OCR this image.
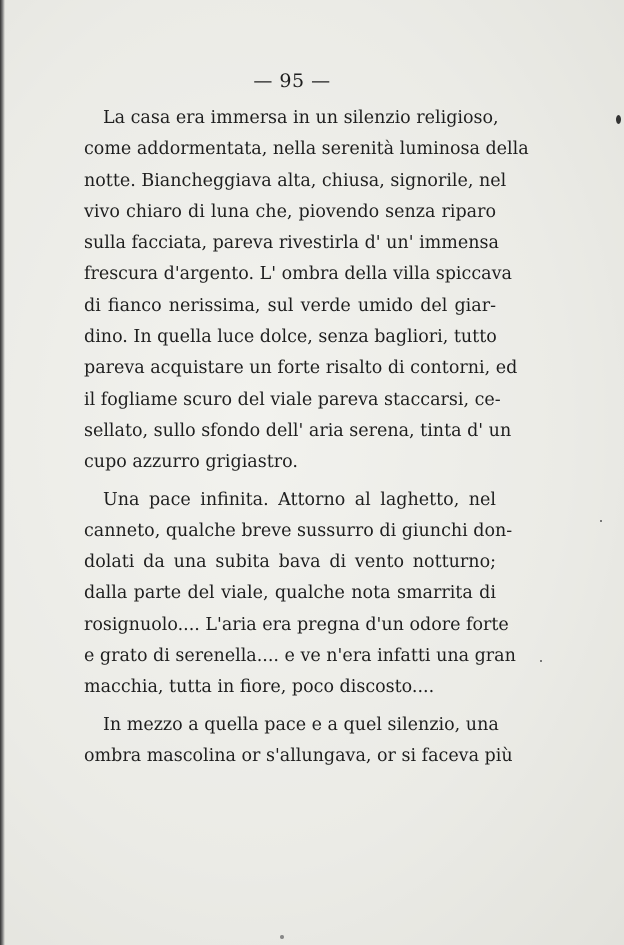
— 95 —
La casa era immersa in un silenzio religioso,
come addormentata, nella serenità luminosa della
notte. Biancheggiava alta, chiusa, signorile, nel
vivo chiaro di luna che, piovendo senza riparo
sulla facciata, pareva rivestirla d' un' immensa
frescura d'argento. L' ombra della villa spiccava
di fianco nerissima, sul verde umido del giar-
dino. In quella luce dolce, senza bagliori, tutto
pareva acquistare un forte risalto di contorni, ed
il fogliame scuro del viale pareva staccarsi, ce-
sellato, sullo sfondo dell' aria serena, tinta d' un
cupo azzurro grigiastro.
Una pace infinita. Attorno al laghetto, nel
canneto, qualche breve sussurro di giunchi don-
dolati da una subita bava di vento notturno;
dalla parte del viale, qualche nota smarrita di
rosignuolo.... L'aria era pregna d'un odore forte
e grato di serenella.... e ve n'era infatti una gran
macchia, tutta in fiore, poco discosto....
In mezzo a quella pace e a quel silenzio, una
ombra mascolina or s'allungava, or si faceva più
